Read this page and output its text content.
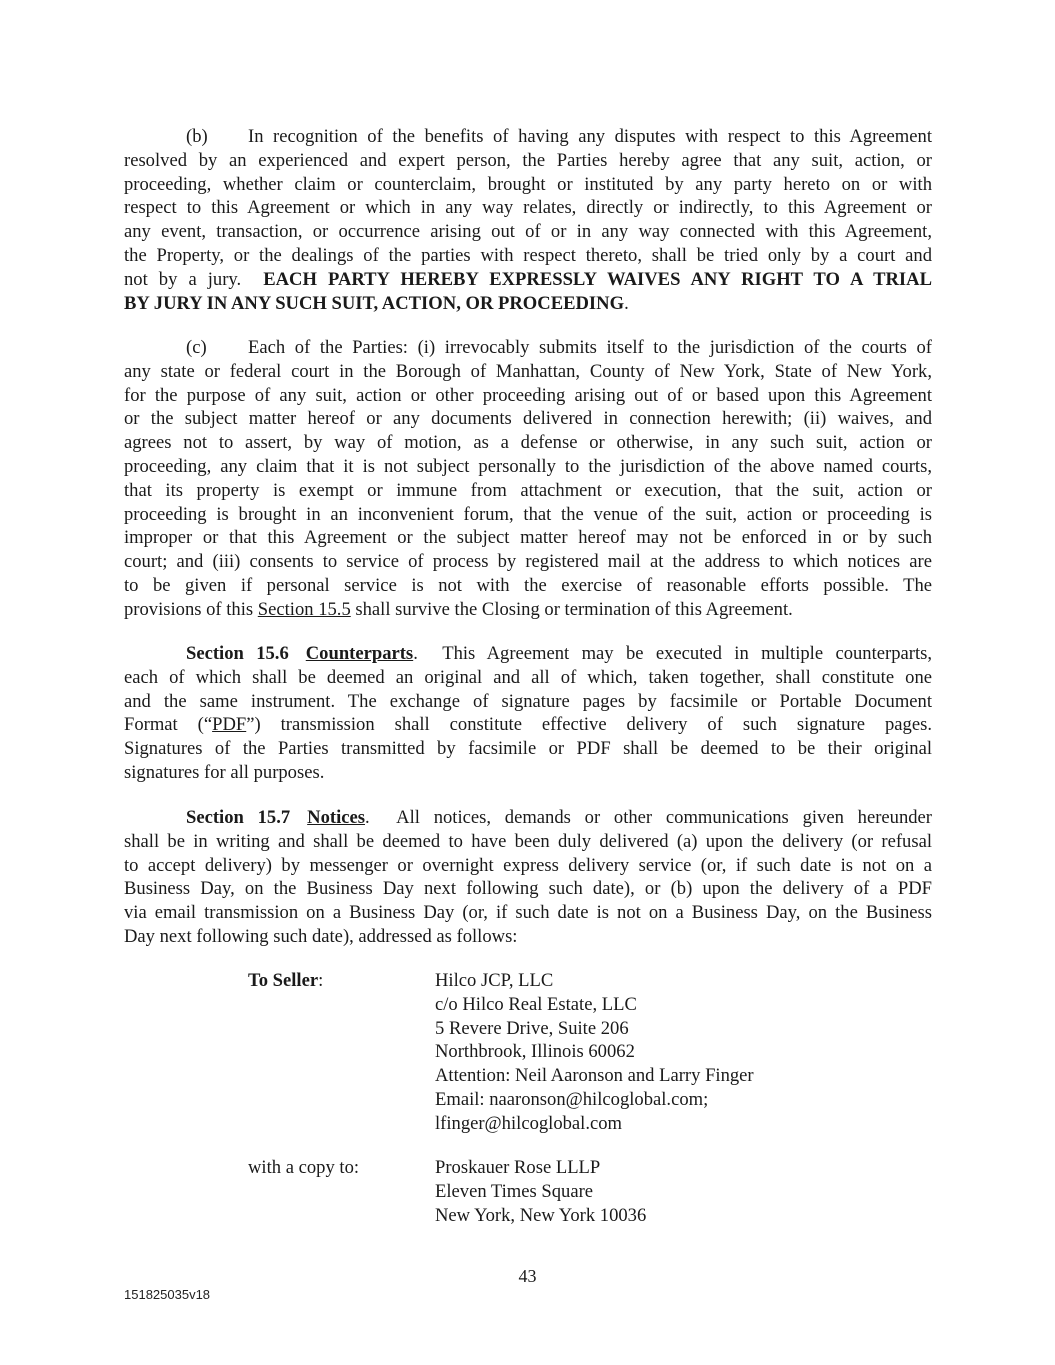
(b) In recognition of the benefits of having any disputes with respect to this Agreement
resolved by an experienced and expert person, the Parties hereby agree that any suit, action, or
proceeding, whether claim or counterclaim, brought or instituted by any party hereto on or with
respect to this Agreement or which in any way relates, directly or indirectly, to this Agreement or
any event, transaction, or occurrence arising out of or in any way connected with this Agreement,
the Property, or the dealings of the parties with respect thereto, shall be tried only by a court and
not by a jury.  EACH PARTY HEREBY EXPRESSLY WAIVES ANY RIGHT TO A TRIAL
BY JURY IN ANY SUCH SUIT, ACTION, OR PROCEEDING.
(c) Each of the Parties: (i) irrevocably submits itself to the jurisdiction of the courts of
any state or federal court in the Borough of Manhattan, County of New York, State of New York,
for the purpose of any suit, action or other proceeding arising out of or based upon this Agreement
or the subject matter hereof or any documents delivered in connection herewith; (ii) waives, and
agrees not to assert, by way of motion, as a defense or otherwise, in any such suit, action or
proceeding, any claim that it is not subject personally to the jurisdiction of the above named courts,
that its property is exempt or immune from attachment or execution, that the suit, action or
proceeding is brought in an inconvenient forum, that the venue of the suit, action or proceeding is
improper or that this Agreement or the subject matter hereof may not be enforced in or by such
court; and (iii) consents to service of process by registered mail at the address to which notices are
to be given if personal service is not with the exercise of reasonable efforts possible. The
provisions of this Section 15.5 shall survive the Closing or termination of this Agreement.
Section 15.6 Counterparts.  This Agreement may be executed in multiple counterparts,
each of which shall be deemed an original and all of which, taken together, shall constitute one
and the same instrument. The exchange of signature pages by facsimile or Portable Document
Format (“PDF”) transmission shall constitute effective delivery of such signature pages.
Signatures of the Parties transmitted by facsimile or PDF shall be deemed to be their original
signatures for all purposes.
Section 15.7 Notices.  All notices, demands or other communications given hereunder
shall be in writing and shall be deemed to have been duly delivered (a) upon the delivery (or refusal
to accept delivery) by messenger or overnight express delivery service (or, if such date is not on a
Business Day, on the Business Day next following such date), or (b) upon the delivery of a PDF
via email transmission on a Business Day (or, if such date is not on a Business Day, on the Business
Day next following such date), addressed as follows:
To Seller:	Hilco JCP, LLC
c/o Hilco Real Estate, LLC
5 Revere Drive, Suite 206
Northbrook, Illinois 60062
Attention: Neil Aaronson and Larry Finger
Email: naaronson@hilcoglobal.com;
lfinger@hilcoglobal.com
with a copy to:	Proskauer Rose LLLP
Eleven Times Square
New York, New York 10036
43
151825035v18
